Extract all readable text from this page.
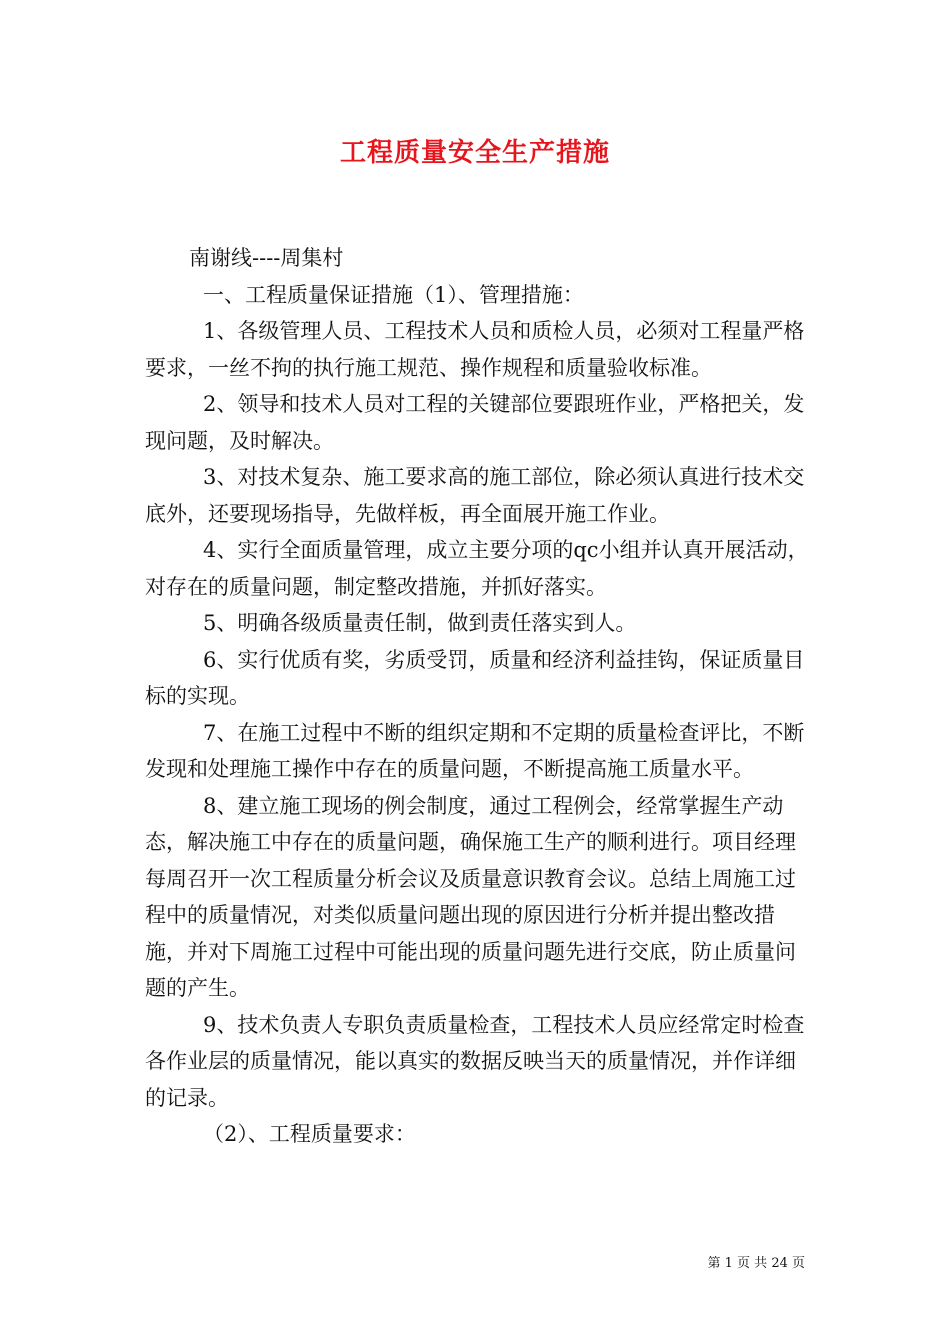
工程质量安全生产措施

南谢线----周集村

一、工程质量保证措施（1）、管理措施：

1、各级管理人员、工程技术人员和质检人员，必须对工程量严格要求，一丝不拘的执行施工规范、操作规程和质量验收标准。

2、领导和技术人员对工程的关键部位要跟班作业，严格把关，发现问题，及时解决。

3、对技术复杂、施工要求高的施工部位，除必须认真进行技术交底外，还要现场指导，先做样板，再全面展开施工作业。

4、实行全面质量管理，成立主要分项的qc小组并认真开展活动，对存在的质量问题，制定整改措施，并抓好落实。

5、明确各级质量责任制，做到责任落实到人。

6、实行优质有奖，劣质受罚，质量和经济利益挂钩，保证质量目标的实现。

7、在施工过程中不断的组织定期和不定期的质量检查评比，不断发现和处理施工操作中存在的质量问题，不断提高施工质量水平。

8、建立施工现场的例会制度，通过工程例会，经常掌握生产动态，解决施工中存在的质量问题，确保施工生产的顺利进行。项目经理每周召开一次工程质量分析会议及质量意识教育会议。总结上周施工过程中的质量情况，对类似质量问题出现的原因进行分析并提出整改措施，并对下周施工过程中可能出现的质量问题先进行交底，防止质量问题的产生。

9、技术负责人专职负责质量检查，工程技术人员应经常定时检查各作业层的质量情况，能以真实的数据反映当天的质量情况，并作详细的记录。

（2）、工程质量要求：

第 1 页 共 24 页
